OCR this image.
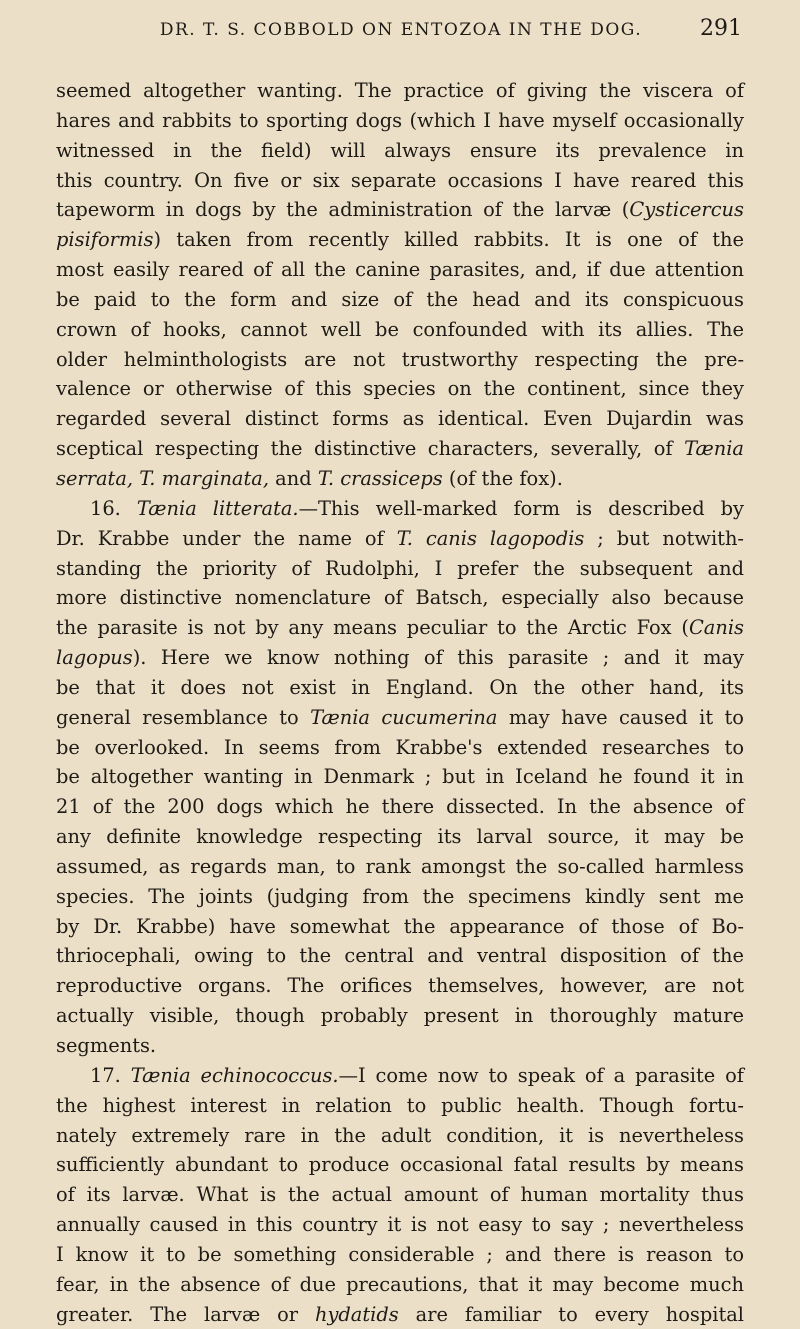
DR. T. S. COBBOLD ON ENTOZOA IN THE DOG.	291
seemed altogether wanting. The practice of giving the viscera of
hares and rabbits to sporting dogs (which I have myself occasionally
witnessed in the field) will always ensure its prevalence in
this country. On five or six separate occasions I have reared this
tapeworm in dogs by the administration of the larvæ (Cysticercus
pisiformis) taken from recently killed rabbits. It is one of the
most easily reared of all the canine parasites, and, if due attention
be paid to the form and size of the head and its conspicuous
crown of hooks, cannot well be confounded with its allies. The
older helminthologists are not trustworthy respecting the pre-
valence or otherwise of this species on the continent, since they
regarded several distinct forms as identical. Even Dujardin was
sceptical respecting the distinctive characters, severally, of Tænia
serrata, T. marginata, and T. crassiceps (of the fox).
16. Tænia litterata.—This well-marked form is described by
Dr. Krabbe under the name of T. canis lagopodis ; but notwith-
standing the priority of Rudolphi, I prefer the subsequent and
more distinctive nomenclature of Batsch, especially also because
the parasite is not by any means peculiar to the Arctic Fox (Canis
lagopus). Here we know nothing of this parasite ; and it may
be that it does not exist in England. On the other hand, its
general resemblance to Tænia cucumerina may have caused it to
be overlooked. In seems from Krabbe's extended researches to
be altogether wanting in Denmark ; but in Iceland he found it in
21 of the 200 dogs which he there dissected. In the absence of
any definite knowledge respecting its larval source, it may be
assumed, as regards man, to rank amongst the so-called harmless
species. The joints (judging from the specimens kindly sent me
by Dr. Krabbe) have somewhat the appearance of those of Bo-
thriocephali, owing to the central and ventral disposition of the
reproductive organs. The orifices themselves, however, are not
actually visible, though probably present in thoroughly mature
segments.
17. Tænia echinococcus.—I come now to speak of a parasite of
the highest interest in relation to public health. Though fortu-
nately extremely rare in the adult condition, it is nevertheless
sufficiently abundant to produce occasional fatal results by means
of its larvæ. What is the actual amount of human mortality thus
annually caused in this country it is not easy to say ; nevertheless
I know it to be something considerable ; and there is reason to
fear, in the absence of due precautions, that it may become much
greater. The larvæ or hydatids are familiar to every hospital
